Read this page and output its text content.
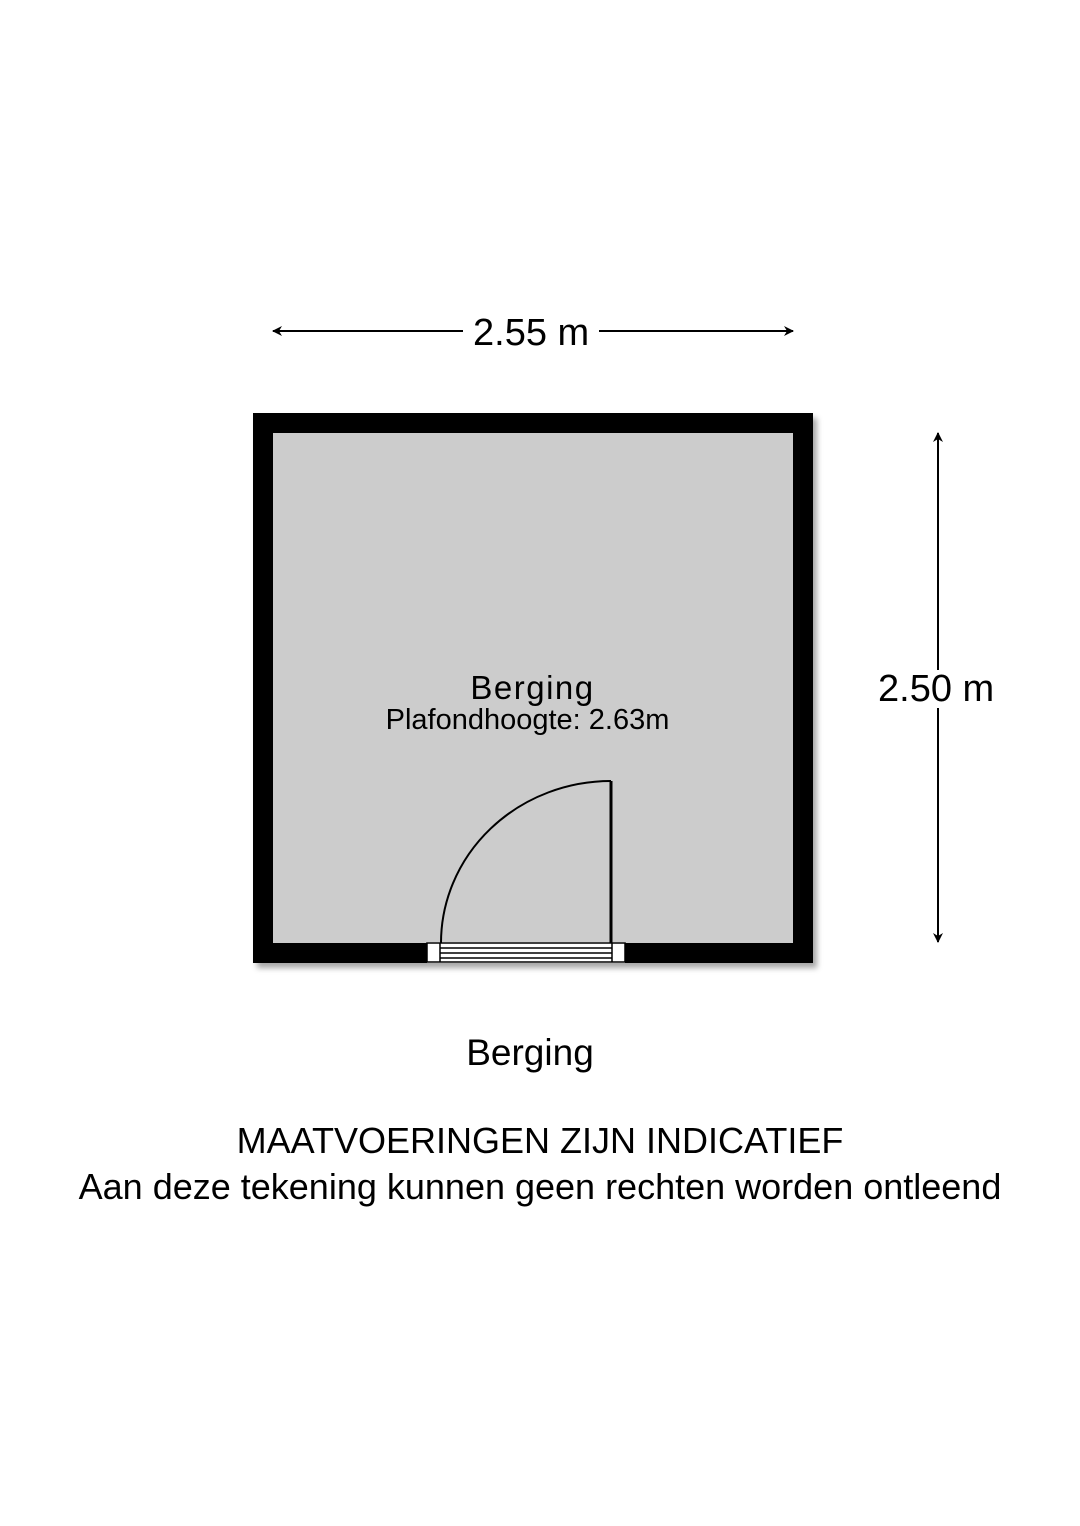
2.55 m
2.50 m
Berging
Plafondhoogte: 2.63m
Berging
MAATVOERINGEN ZIJN INDICATIEF
Aan deze tekening kunnen geen rechten worden ontleend
